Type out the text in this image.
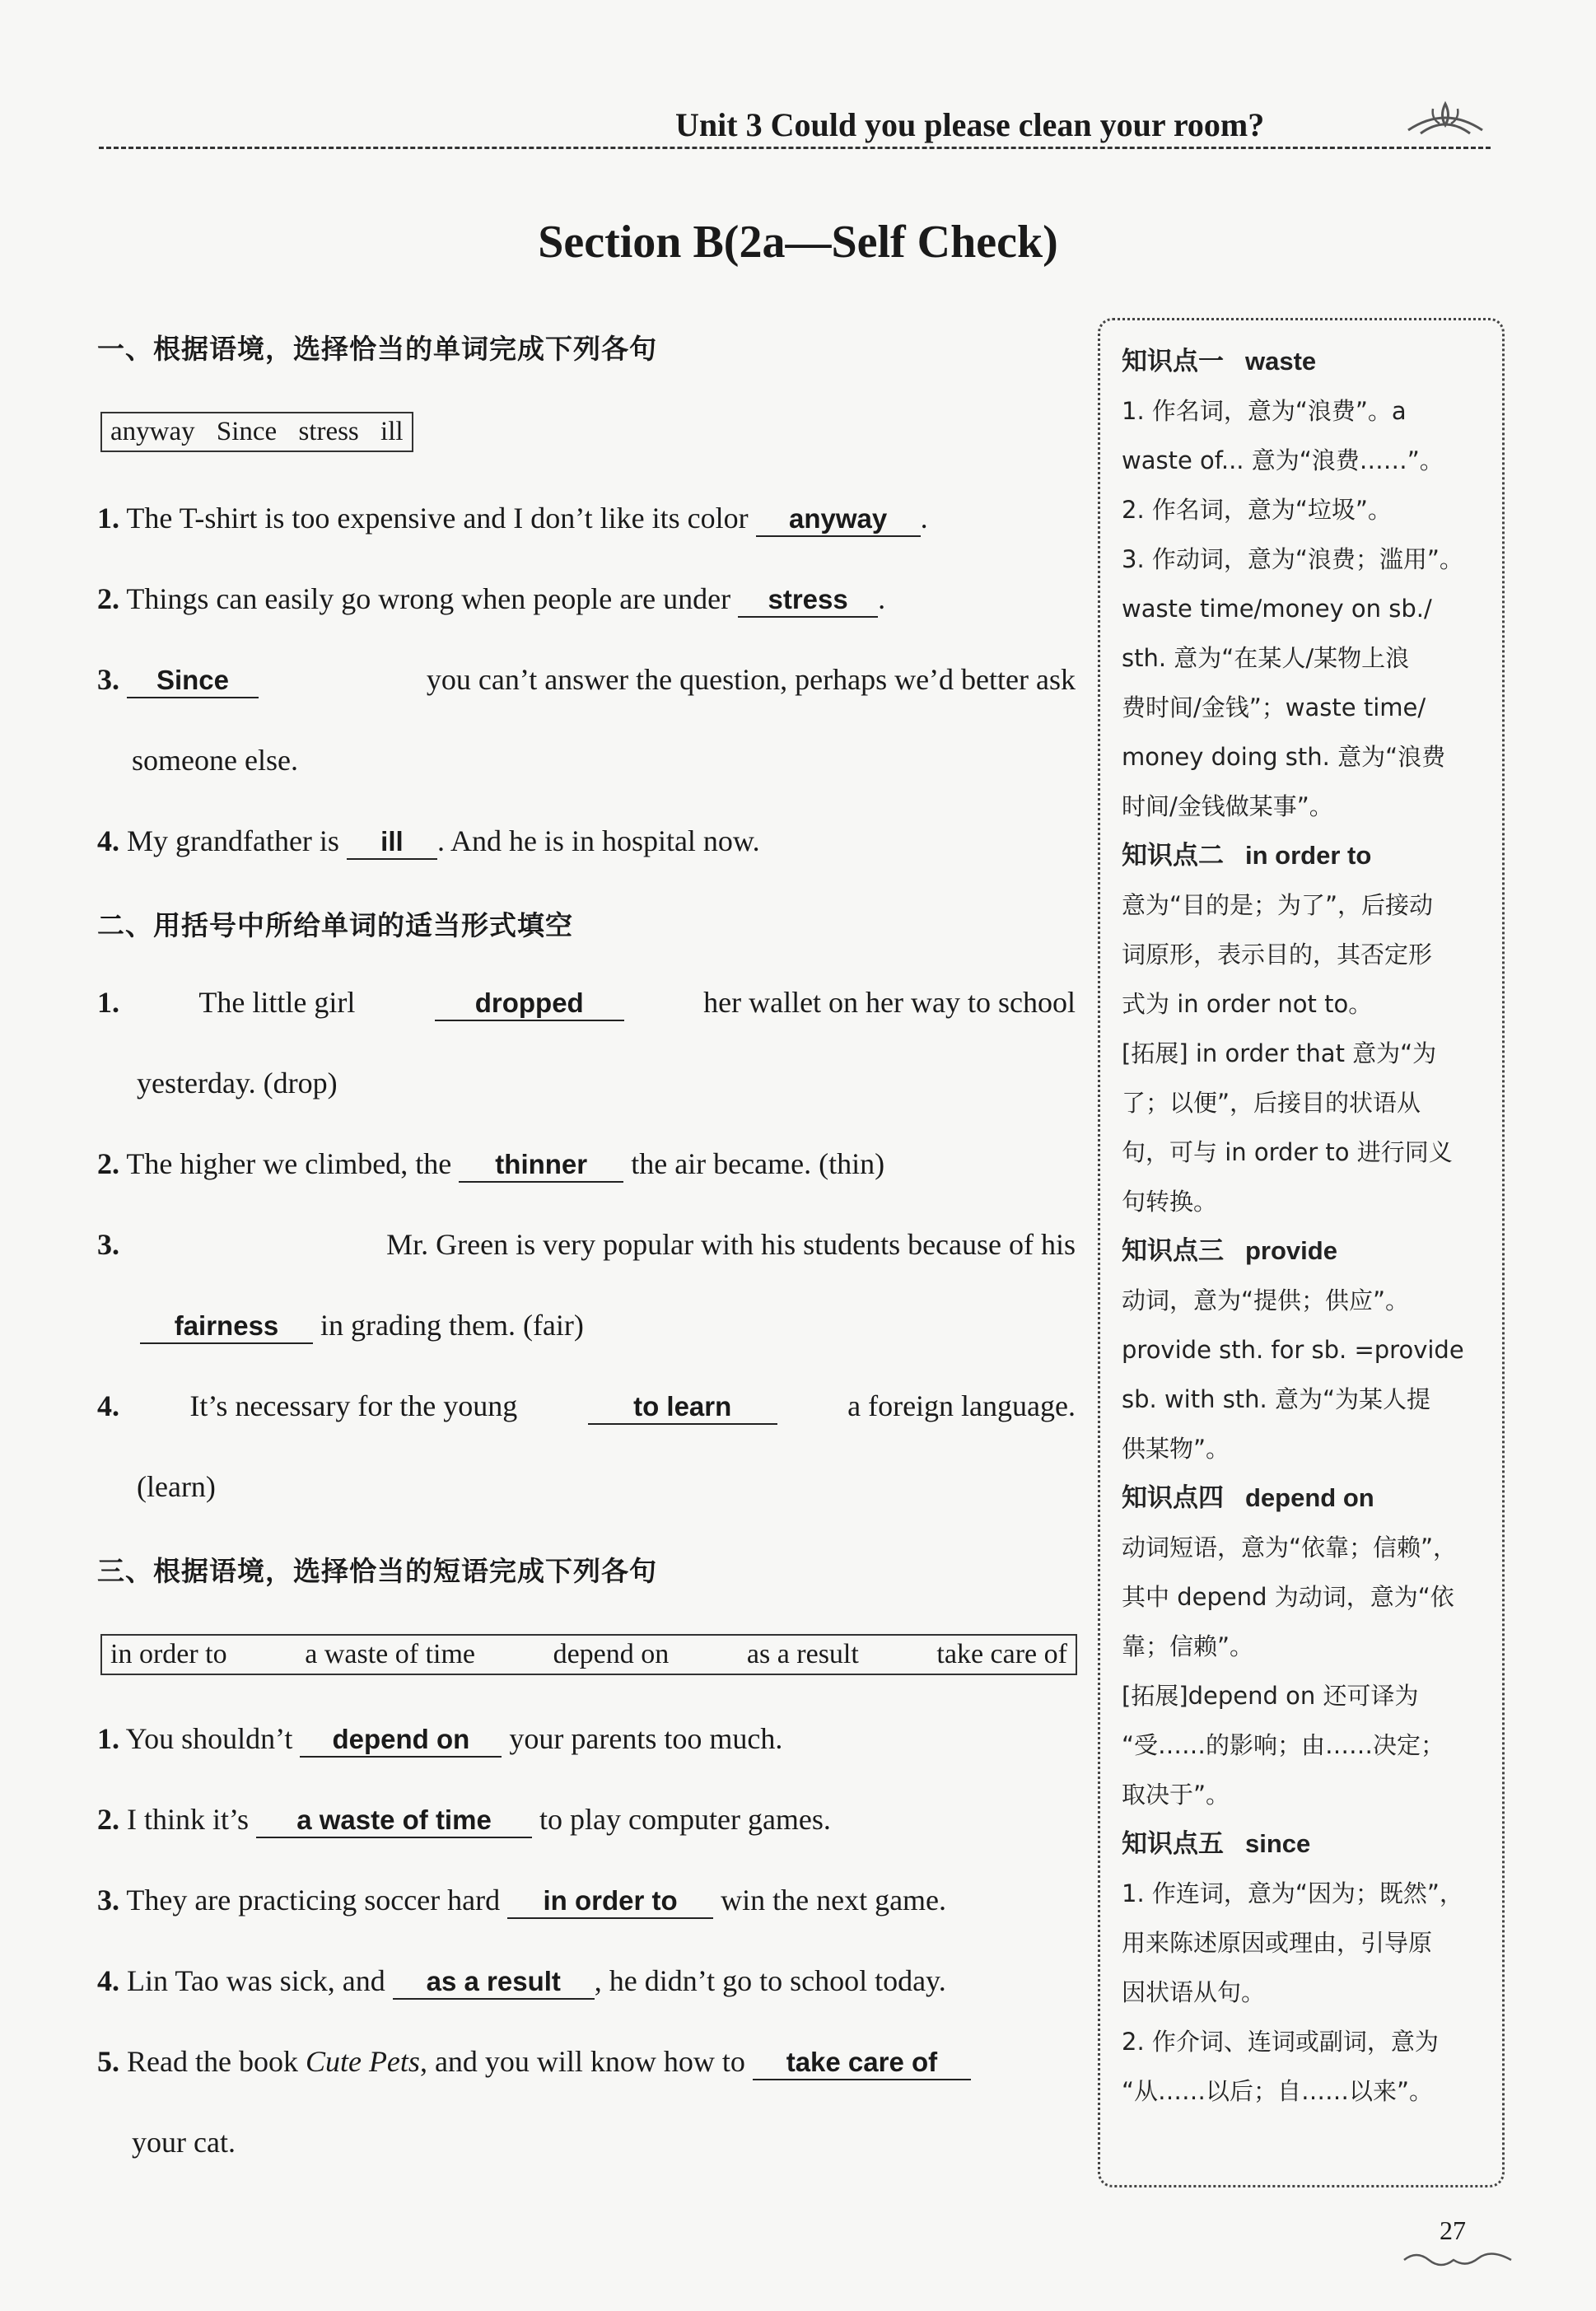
Unit 3 Could you please clean your room?
Section B(2a—Self Check)
一、根据语境，选择恰当的单词完成下列各句
anyway Since stress ill
1. The T-shirt is too expensive and I don’t like its color anyway .
2. Things can easily go wrong when people are under stress .
3. Since	you can’t answer the question, perhaps we’d better ask
someone else.
4. My grandfather is ill . And he is in hospital now.
二、用括号中所给单词的适当形式填空
1.	The little girl	dropped	her wallet on her way to school
yesterday. (drop)
2. The higher we climbed, the thinner the air became. (thin)
3.	Mr. Green is very popular with his students because of his
fairness in grading them. (fair)
4. It’s necessary for the young	to learn	a foreign language.
(learn)
三、根据语境，选择恰当的短语完成下列各句
in order to	a waste of time	depend on	as a result	take care of
1. You shouldn’t depend on your parents too much.
2. I think it’s a waste of time to play computer games.
3. They are practicing soccer hard in order to win the next game.
4. Lin Tao was sick, and as a result , he didn’t go to school today.
5. Read the book Cute Pets, and you will know how to take care of
your cat.
知识点一 waste
1. 作名词，意为“浪费”。a
waste of... 意为“浪费……”。
2. 作名词，意为“垃圾”。
3. 作动词，意为“浪费；滥用”。
waste time/money on sb./
sth. 意为“在某人/某物上浪
费时间/金钱”；waste time/
money doing sth. 意为“浪费
时间/金钱做某事”。
知识点二 in order to
意为“目的是；为了”，后接动
词原形，表示目的，其否定形
式为 in order not to。
[拓展] in order that 意为“为
了；以便”，后接目的状语从
句，可与 in order to 进行同义
句转换。
知识点三 provide
动词，意为“提供；供应”。
provide sth. for sb. =provide
sb. with sth. 意为“为某人提
供某物”。
知识点四 depend on
动词短语，意为“依靠；信赖”，
其中 depend 为动词，意为“依
靠；信赖”。
[拓展]depend on 还可译为
“受……的影响；由……决定；
取决于”。
知识点五 since
1. 作连词，意为“因为；既然”，
用来陈述原因或理由，引导原
因状语从句。
2. 作介词、连词或副词，意为
“从……以后；自……以来”。
27
